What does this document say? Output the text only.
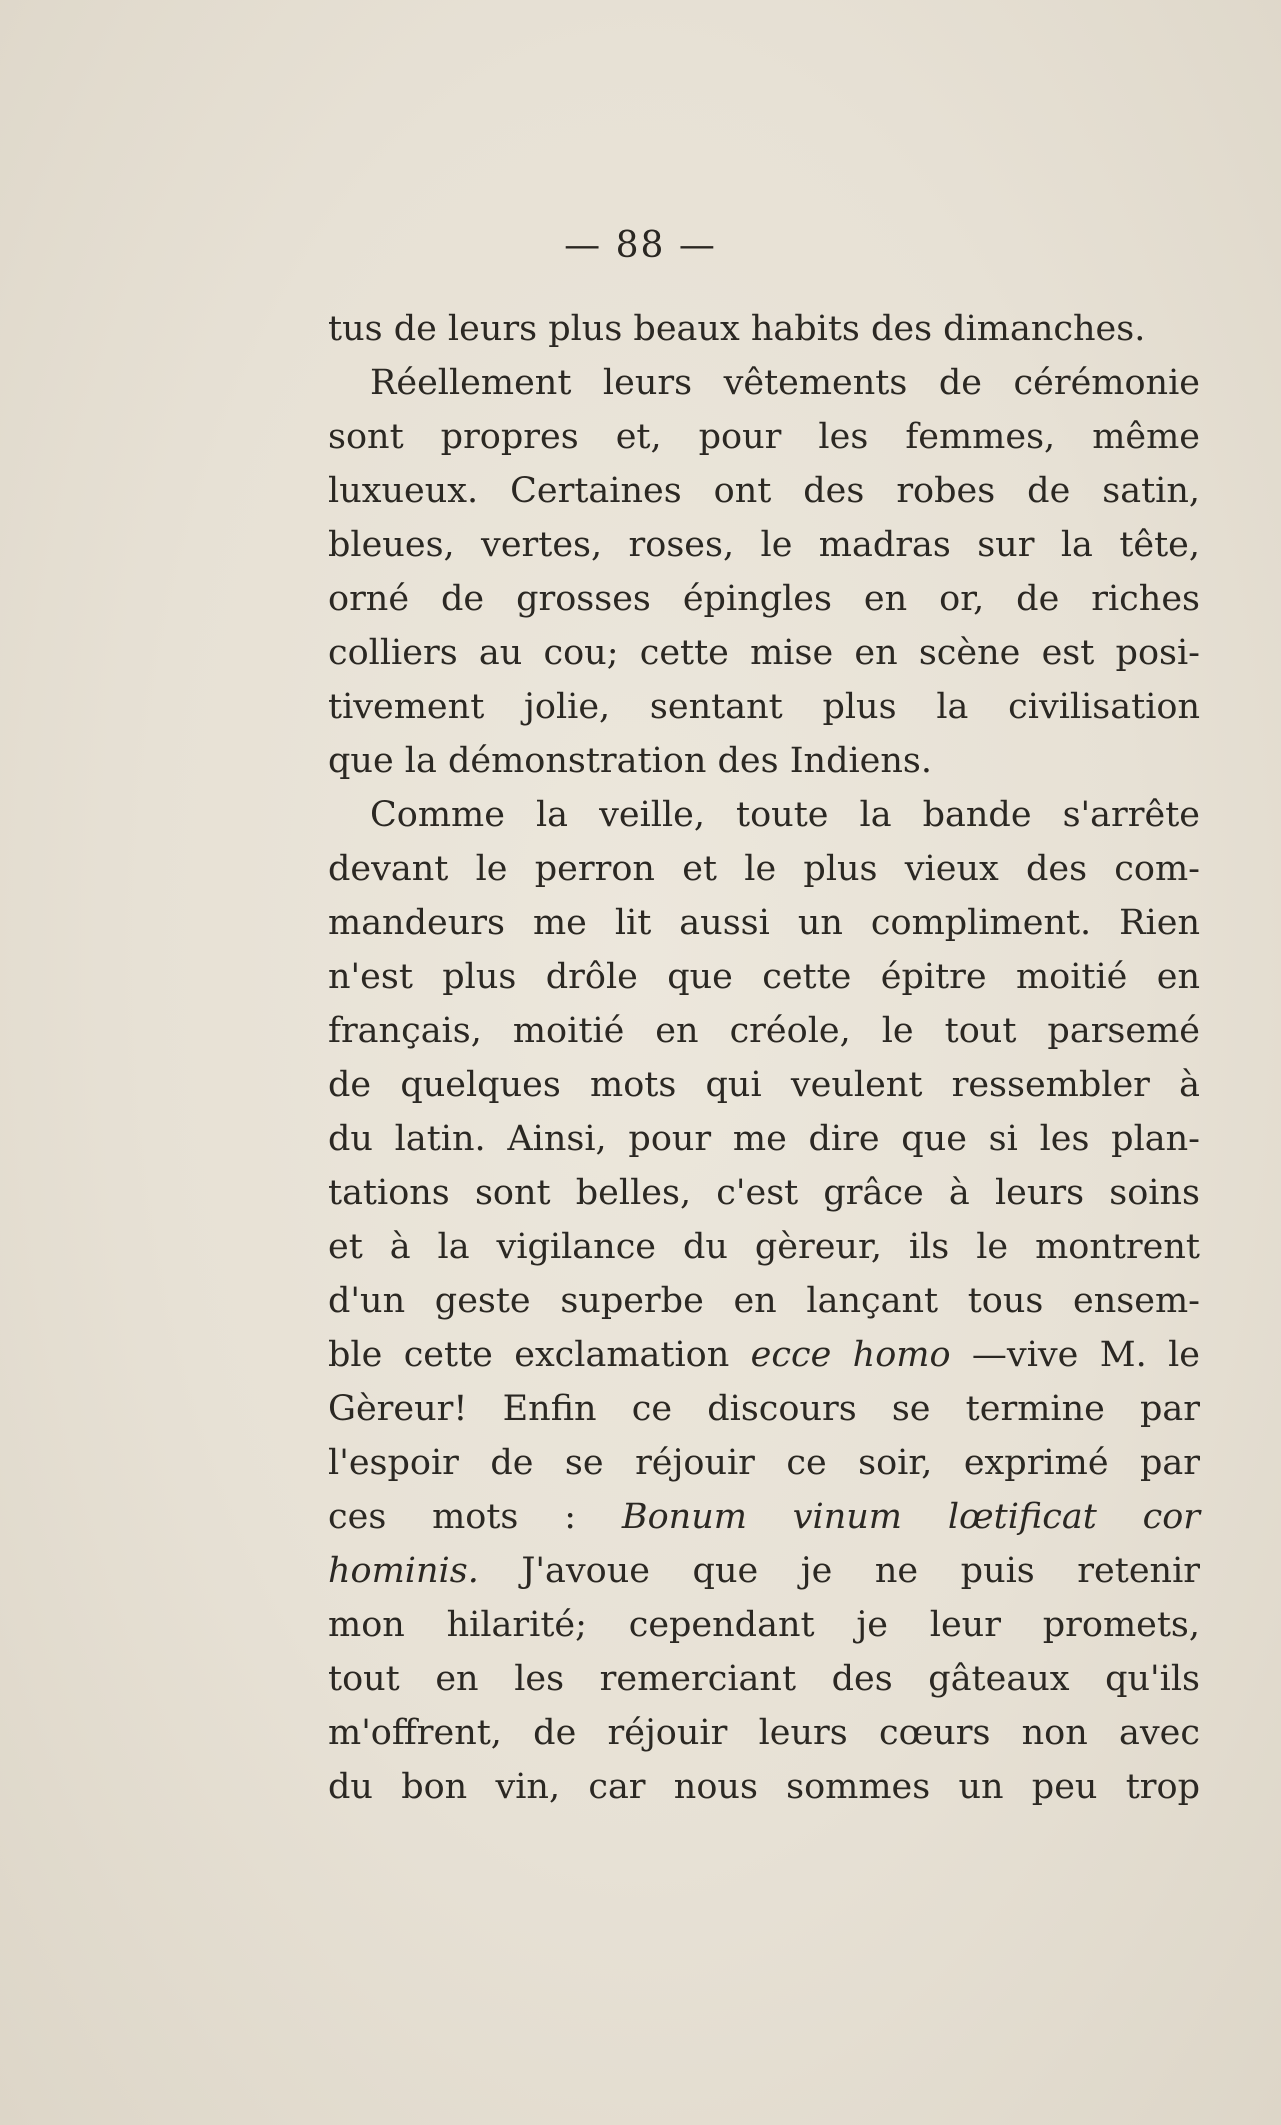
— 88 —
tus de leurs plus beaux habits des dimanches.
Réellement leurs vêtements de cérémonie
sont propres et, pour les femmes, même
luxueux. Certaines ont des robes de satin,
bleues, vertes, roses, le madras sur la tête,
orné de grosses épingles en or, de riches
colliers au cou; cette mise en scène est posi-
tivement jolie, sentant plus la civilisation
que la démonstration des Indiens.
Comme la veille, toute la bande s'arrête
devant le perron et le plus vieux des com-
mandeurs me lit aussi un compliment. Rien
n'est plus drôle que cette épitre moitié en
français, moitié en créole, le tout parsemé
de quelques mots qui veulent ressembler à
du latin. Ainsi, pour me dire que si les plan-
tations sont belles, c'est grâce à leurs soins
et à la vigilance du gèreur, ils le montrent
d'un geste superbe en lançant tous ensem-
ble cette exclamation ecce homo —vive M. le
Gèreur! Enfin ce discours se termine par
l'espoir de se réjouir ce soir, exprimé par
ces mots : Bonum vinum lœtificat cor
hominis. J'avoue que je ne puis retenir
mon hilarité; cependant je leur promets,
tout en les remerciant des gâteaux qu'ils
m'offrent, de réjouir leurs cœurs non avec
du bon vin, car nous sommes un peu trop
